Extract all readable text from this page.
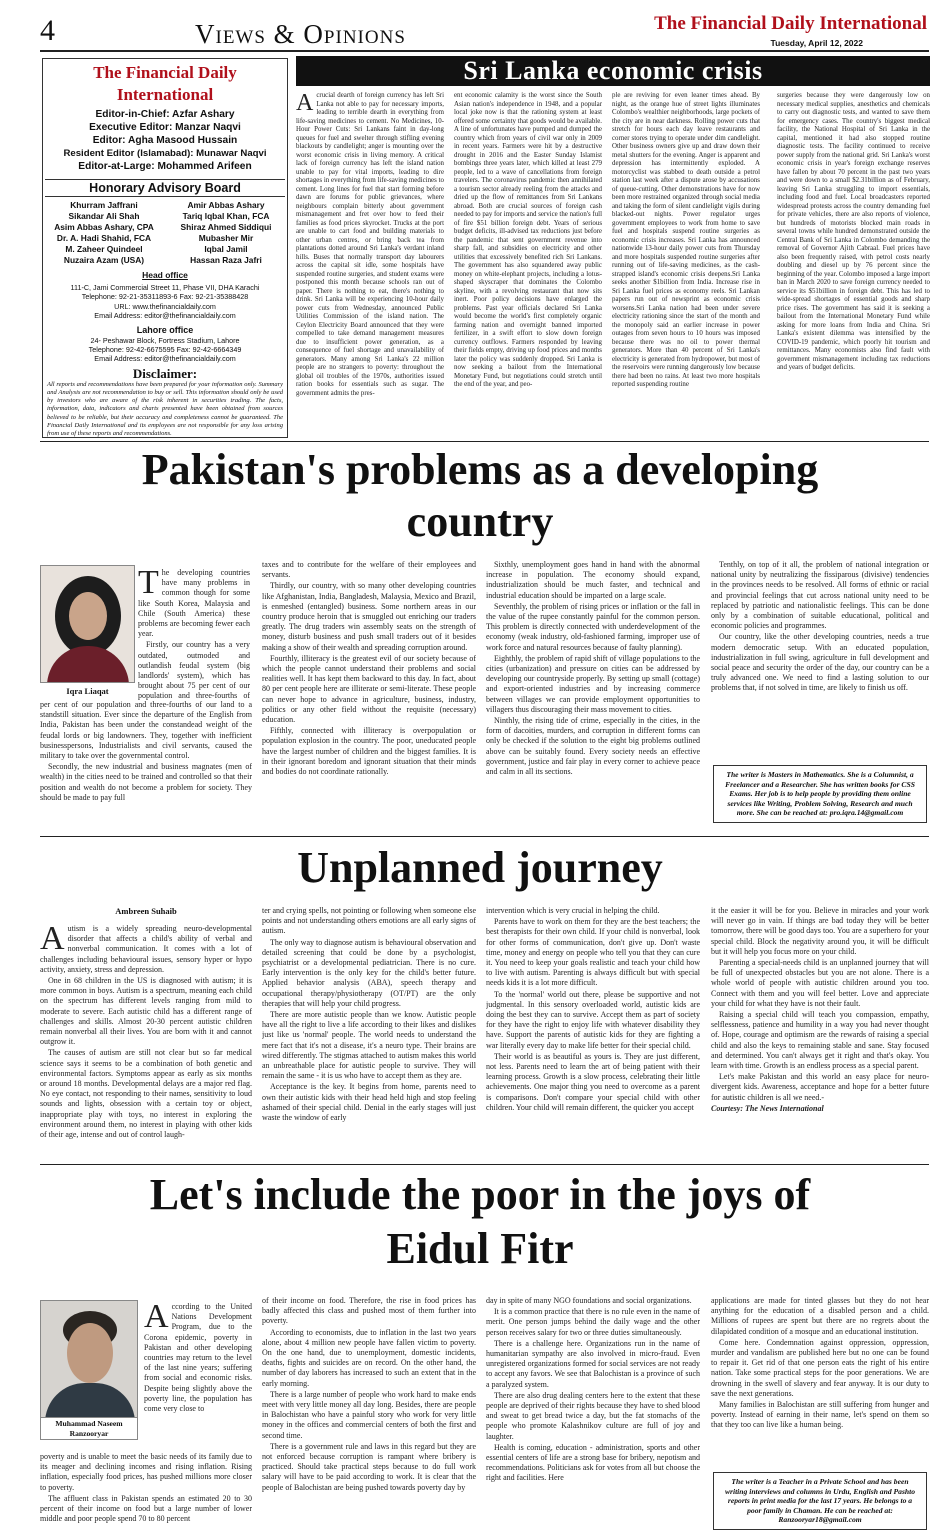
4	Views & Opinions	The Financial Daily International
Tuesday, April 12, 2022
The Financial Daily International
Editor-in-Chief: Azfar Ashary
Executive Editor: Manzar Naqvi
Editor: Agha Masood Hussain
Resident Editor (Islamabad): Munawar Naqvi
Editor-at-Large: Mohammed Arifeen
Honorary Advisory Board
Khurram Jaffrani
Sikandar Ali Shah
Asim Abbas Ashary, CPA
Dr. A. Hadi Shahid, FCA
M. Zaheer Quindeel
Nuzaira Azam (USA)
Amir Abbas Ashary
Tariq Iqbal Khan, FCA
Shiraz Ahmed Siddiqui
Mubasher Mir
Iqbal Jamil
Hassan Raza Jafri
Head office
111-C, Jami Commercial Street 11, Phase VII, DHA Karachi
Telephone: 92-21-35311893-6 Fax: 92-21-35388428
URL: www.thefinancialdaily.com
Email Address: editor@thefinancialdaily.com
Lahore office
24- Peshawar Block, Fortress Stadium, Lahore
Telephone: 92-42-6675595 Fax: 92-42-6664349
Email Address: editor@thefinancialdaily.com
Disclaimer:
All reports and recommendations have been prepared for your information only. Summary and Analysis are not recommendation to buy or sell. This information should only be used by investors who are aware of the risk inherent in securities trading. The facts, information, data, indicators and charts presented have been obtained from sources believed to be reliable, but their accuracy and completeness cannot be guaranteed. The Financial Daily International and its employees are not responsible for any loss arising from use of these reports and recommendations.
Sri Lanka economic crisis

Acrucial dearth of foreign currency has left Sri Lanka not able to pay for necessary imports, leading to terrible dearth in everything from life-saving medicines to cement. No Medicines, 10-Hour Power Cuts: Sri Lankans faint in day-long queues for fuel and swelter through stifling evening blackouts by candlelight; anger is mounting over the worst economic crisis in living memory. A critical lack of foreign currency has left the island nation unable to pay for vital imports, leading to dire shortages in everything from life-saving medicines to cement. Long lines for fuel that start forming before dawn are forums for public grievances, where neighbours complain bitterly about government mismanagement and fret over how to feed their families as food prices skyrocket. Trucks at the port are unable to cart food and building materials to other urban centres, or bring back tea from plantations dotted around Sri Lanka's verdant inland hills. Buses that normally transport day labourers across the capital sit idle, some hospitals have suspended routine surgeries, and student exams were postponed this month because schools ran out of paper. There is nothing to eat, there's nothing to drink. Sri Lanka will be experiencing 10-hour daily power cuts from Wednesday, announced Public Utilities Commission of the island nation. The Ceylon Electricity Board announced that they were compelled to take demand management measures due to insufficient power generation, as a consequence of fuel shortage and unavailability of generators. Many among Sri Lanka's 22 million people are no strangers to poverty: throughout the global oil troubles of the 1970s, authorities issued ration books for essentials such as sugar. The government admits the pres-

ent economic calamity is the worst since the South Asian nation's independence in 1948, and a popular local joke now is that the rationing system at least offered some certainty that goods would be available. A line of unfortunates have pumped and dumped the country which from years of civil war only in 2009 in recent years. Farmers were hit by a destructive drought in 2016 and the Easter Sunday Islamist bombings three years later, which killed at least 279 people, led to a wave of cancellations from foreign travelers. The coronavirus pandemic then annihilated a tourism sector already reeling from the attacks and dried up the flow of remittances from Sri Lankans abroad. Both are crucial sources of foreign cash needed to pay for imports and service the nation's full of fire $51 billion foreign debt. Years of serious budget deficits, ill-advised tax reductions just before the pandemic that sent government revenue into sharp fall, and subsidies on electricity and other utilities that excessively benefited rich Sri Lankans. The government has also squandered away public money on white-elephant projects, including a lotus-shaped skyscraper that dominates the Colombo skyline, with a revolving restaurant that now sits inert. Poor policy decisions have enlarged the problems. Past year officials declared Sri Lanka would become the world's first completely organic farming nation and overnight banned imported fertilizer, in a swift effort to slow down foreign currency outflows. Farmers responded by leaving their fields empty, driving up food prices and months later the policy was suddenly dropped. Sri Lanka is now seeking a bailout from the International Monetary Fund, but negotiations could stretch until the end of the year, and peo-

ple are reviving for even leaner times ahead. By night, as the orange hue of street lights illuminates Colombo's wealthier neighborhoods, large pockets of the city are in near darkness. Rolling power cuts that stretch for hours each day leave restaurants and corner stores trying to operate under dim candlelight. Other business owners give up and draw down their metal shutters for the evening. Anger is apparent and depression has intermittently exploded. A motorcyclist was stabbed to death outside a petrol station last week after a dispute arose by accusations of queue-cutting. Other demonstrations have for now been more restrained organized through social media and taking the form of silent candlelight vigils during blacked-out nights. Power regulator urges government employees to work from home to save fuel and hospitals suspend routine surgeries as economic crisis increases. Sri Lanka has announced nationwide 13-hour daily power cuts from Thursday and more hospitals suspended routine surgeries after running out of life-saving medicines, as the cash-strapped island's economic crisis deepens.Sri Lanka seeks another $1billion from India. Increase rise in Sri Lanka fuel prices as economy reels. Sri Lankan papers run out of newsprint as economic crisis worsens.Sri Lanka nation had been under severe electricity rationing since the start of the month and the monopoly said an earlier increase in power outages from seven hours to 10 hours was imposed because there was no oil to power thermal generators. More than 40 percent of Sri Lanka's electricity is generated from hydropower, but most of the reservoirs were running dangerously low because there had been no rains. At least two more hospitals reported suspending routine

surgeries because they were dangerously low on necessary medical supplies, anesthetics and chemicals to carry out diagnostic tests, and wanted to save them for emergency cases. The country's biggest medical facility, the National Hospital of Sri Lanka in the capital, mentioned it had also stopped routine diagnostic tests. The facility continued to receive power supply from the national grid. Sri Lanka's worst economic crisis in year's foreign exchange reserves have fallen by about 70 percent in the past two years and were down to a small $2.31billion as of February, leaving Sri Lanka struggling to import essentials, including food and fuel. Local broadcasters reported widespread protests across the country demanding fuel for private vehicles, there are also reports of violence, but hundreds of motorists blocked main roads in several towns while hundred demonstrated outside the Central Bank of Sri Lanka in Colombo demanding the removal of Governor Ajith Cabraal. Fuel prices have also been frequently raised, with petrol costs nearly doubling and diesel up by 76 percent since the beginning of the year. Colombo imposed a large import ban in March 2020 to save foreign currency needed to service its $51billion in foreign debt. This has led to wide-spread shortages of essential goods and sharp price rises. The government has said it is seeking a bailout from the International Monetary Fund while asking for more loans from India and China. Sri Lanka's existent dilemma was intensified by the COVID-19 pandemic, which poorly hit tourism and remittances. Many economists also find fault with government mismanagement including tax reductions and years of budget deficits.

Pakistan's problems as a developing country
Iqra Liaqat

The developing countries have many problems in common though for some like South Korea, Malaysia and Chile (South America) these problems are becoming fewer each year.

Firstly, our country has a very outdated, outmoded and outlandish feudal system (big landlords' system), which has brought about 75 per cent of our population and three-fourths of

per cent of our population and three-fourths of our land to a standstill situation. Ever since the departure of the English from India, Pakistan has been under the constandead weight of the feudal lords or big landowners. They, together with inefficient businesspersons, Industrialists and civil servants, caused the military to take over the governmental control.

Secondly, the new industrial and business magnates (men of wealth) in the cities need to be trained and controlled so that their position and wealth do not become a problem for society. They should be made to pay full

taxes and to contribute for the welfare of their employees and servants.

Thirdly, our country, with so many other developing countries like Afghanistan, India, Bangladesh, Malaysia, Mexico and Brazil, is enmeshed (entangled) business. Some northern areas in our country produce heroin that is smuggled out enriching our traders greatly. The drug traders win assembly seats on the strength of money, disturb business and push small traders out of it besides making a show of their wealth and spreading corruption around.

Fourthly, illiteracy is the greatest evil of our society because of which the people cannot understand their problems and social realities well. It has kept them backward to this day. In fact, about 80 per cent people here are illiterate or semi-literate. These people can never hope to advance in agriculture, business, industry, politics or any other field without the requisite (necessary) education.

Fifthly, connected with illiteracy is overpopulation or population explosion in the country. The poor, uneducated people have the largest number of children and the biggest families. It is in their ignorant boredom and ignorant situation that their minds and bodies do not coordinate rationally.

Sixthly, unemployment goes hand in hand with the abnormal increase in population. The economy should expand, industrialization should be much faster, and technical and industrial education should be imparted on a large scale.

Seventhly, the problem of rising prices or inflation or the fall in the value of the rupee constantly painful for the common person. This problem is directly connected with underdevelopment of the economy (weak industry, old-fashioned farming, improper use of work force and natural resources because of faulty planning).

Eighthly, the problem of rapid shift of village populations to the cities (urbanization) and pressure on cities can be addressed by developing our countryside properly. By setting up small (cottage) and export-oriented industries and by increasing commerce between villages we can provide employment opportunities to villagers thus discouraging their mass movement to cities.

Ninthly, the rising tide of crime, especially in the cities, in the form of dacoities, murders, and corruption in different forms can only be checked if the solution to the eight big problems outlined above can be suitably found. Every society needs an effective government, justice and fair play in every corner to achieve peace and calm in all its sections.

Tenthly, on top of it all, the problem of national integration or national unity by neutralizing the fissiparous (divisive) tendencies in the provinces needs to be resolved. All forms of ethnic or racial and provincial feelings that cut across national unity need to be replaced by patriotic and nationalistic feelings. This can be done only by a combination of suitable educational, political and economic policies and programmes.

Our country, like the other developing countries, needs a true modern democratic setup. With an educated population, industrialization in full swing, agriculture in full development and social peace and security the order of the day, our country can be a truly advanced one. We need to find a lasting solution to our problems that, if not solved in time, are likely to finish us off.

The writer is Masters in Mathematics. She is a Columnist, a Freelancer and a Researcher. She has written books for CSS Exams. Her job is to help people by providing them online services like Writing, Problem Solving, Research and much more. She can be reached at: pro.iqra.14@gmail.com
Unplanned journey
Ambreen Suhaib

Autism is a widely spreading neuro-developmental disorder that affects a child's ability of verbal and nonverbal communication. It comes with a lot of challenges including behavioural issues, sensory hyper or hypo activity, anxiety, stress and depression.

One in 68 children in the US is diagnosed with autism; it is more common in boys. Autism is a spectrum, meaning each child on the spectrum has different levels ranging from mild to moderate to severe. Each autistic child has a different range of challenges and skills. Almost 20-30 percent autistic children remain nonverbal all their lives. You are born with it and cannot outgrow it.

The causes of autism are still not clear but so far medical science says it seems to be a combination of both genetic and environmental factors. Symptoms appear as early as six months or around 18 months. Developmental delays are a major red flag. No eye contact, not responding to their names, sensitivity to loud sounds and lights, obsession with a certain toy or object, inappropriate play with toys, no interest in exploring the environment around them, no interest in playing with other kids of their age, intense and out of control laugh-

ter and crying spells, not pointing or following when someone else points and not understanding others emotions are all early signs of autism.

The only way to diagnose autism is behavioural observation and detailed screening that could be done by a psychologist, psychiatrist or a developmental pediatrician. There is no cure. Early intervention is the only key for the child's better future. Applied behavior analysis (ABA), speech therapy and occupational therapy/physiotherapy (OT/PT) are the only therapies that will help your child progress.

There are more autistic people than we know. Autistic people have all the right to live a life according to their likes and dislikes just like us 'normal' people. The world needs to understand the mere fact that it's not a disease, it's a neuro type. Their brains are wired differently. The stigmas attached to autism makes this world an unbreathable place for autistic people to survive. They will remain the same - it is us who have to accept them as they are.

Acceptance is the key. It begins from home, parents need to own their autistic kids with their head held high and stop feeling ashamed of their special child. Denial in the early stages will just waste the window of early

intervention which is very crucial in helping the child.

Parents have to work on them for they are the best teachers; the best therapists for their own child. If your child is nonverbal, look for other forms of communication, don't give up. Don't waste time, money and energy on people who tell you that they can cure it. You need to keep your goals realistic and teach your child how to live with autism. Parenting is always difficult but with special needs kids it is a lot more difficult.

To the 'normal' world out there, please be supportive and not judgmental. In this sensory overloaded world, autistic kids are doing the best they can to survive. Accept them as part of society for they have the right to enjoy life with whatever disability they have. Support the parents of autistic kids for they are fighting a war literally every day to make life better for their special child.

Their world is as beautiful as yours is. They are just different, not less. Parents need to learn the art of being patient with their learning process. Growth is a slow process, celebrating their little achievements. One major thing you need to overcome as a parent is comparisons. Don't compare your special child with other children. Your child will remain different, the quicker you accept

it the easier it will be for you. Believe in miracles and your work will never go in vain. If things are bad today they will be better tomorrow, there will be good days too. You are a superhero for your special child. Block the negativity around you, it will be difficult but it will help you focus more on your child.

Parenting a special-needs child is an unplanned journey that will be full of unexpected obstacles but you are not alone. There is a whole world of people with autistic children around you too. Connect with them and you will feel better. Love and appreciate your child for what they have is not their fault.

Raising a special child will teach you compassion, empathy, selflessness, patience and humility in a way you had never thought of. Hope, courage and optimism are the rewards of raising a special child and also the keys to remaining stable and sane. Stay focused and determined. You can't always get it right and that's okay. You learn with time. Growth is an endless process as a special parent.

Let's make Pakistan and this world an easy place for neuro-divergent kids. Awareness, acceptance and hope for a better future for autistic children is all we need.-

Courtesy: The News International

Let's include the poor in the joys of Eidul Fitr
Muhammad Naseem Ranzooryar

According to the United Nations Development Program, due to the Corona epidemic, poverty in Pakistan and other developing countries may return to the level of the last nine years; suffering from social and economic risks. Despite being slightly above the poverty line, the population has come very close to

poverty and is unable to meet the basic needs of its family due to its meager and declining incomes and rising inflation. Rising inflation, especially food prices, has pushed millions more closer to poverty.

The affluent class in Pakistan spends an estimated 20 to 30 percent of their income on food but a large number of lower middle and poor people spend 70 to 80 percent

of their income on food. Therefore, the rise in food prices has badly affected this class and pushed most of them further into poverty.

According to economists, due to inflation in the last two years alone, about 4 million new people have fallen victim to poverty. On the one hand, due to unemployment, domestic incidents, deaths, fights and suicides are on record. On the other hand, the number of day laborers has increased to such an extent that in the early morning.

There is a large number of people who work hard to make ends meet with very little money all day long. Besides, there are people in Balochistan who have a painful story who work for very little money in the offices and commercial centers of both the first and second time.

There is a government rule and laws in this regard but they are not enforced because corruption is rampant where bribery is practiced. Should take practical steps because to do full work salary will have to be paid according to work. It is clear that the people of Balochistan are being pushed towards poverty day by

day in spite of many NGO foundations and social organizations.

It is a common practice that there is no rule even in the name of merit. One person jumps behind the daily wage and the other person receives salary for two or three duties simultaneously.

There is a challenge here. Organizations run in the name of humanitarian sympathy are also involved in micro-fraud. Even unregistered organizations formed for social services are not ready to accept any favors. We see that Balochistan is a province of such a paralyzed system.

There are also drug dealing centers here to the extent that these people are deprived of their rights because they have to shed blood and sweat to get bread twice a day, but the fat stomachs of the people who promote Kalashnikov culture are full of joy and laughter.

Health is coming, education - administration, sports and other essential centers of life are a strong base for bribery, nepotism and recommendations. Politicians ask for votes from all but choose the right and facilities. Here

applications are made for tinted glasses but they do not hear anything for the education of a disabled person and a child. Millions of rupees are spent but there are no regrets about the dilapidated condition of a mosque and an educational institution.

Come here. Condemnation against oppression, oppression, murder and vandalism are published here but no one can be found to repair it. Get rid of that one person eats the right of his entire nation. Take some practical steps for the poor generations. We are drowning in the swell of slavery and fear anyway. It is our duty to save the next generations.

Many families in Balochistan are still suffering from hunger and poverty. Instead of earning in their name, let's spend on them so that they too can live like a human being.

The writer is a Teacher in a Private School and has been writing interviews and columns in Urdu, English and Pashto reports in print media for the last 17 years. He belongs to a poor family in Chaman. He can be reached at: Ranzooryar18@gmail.com
